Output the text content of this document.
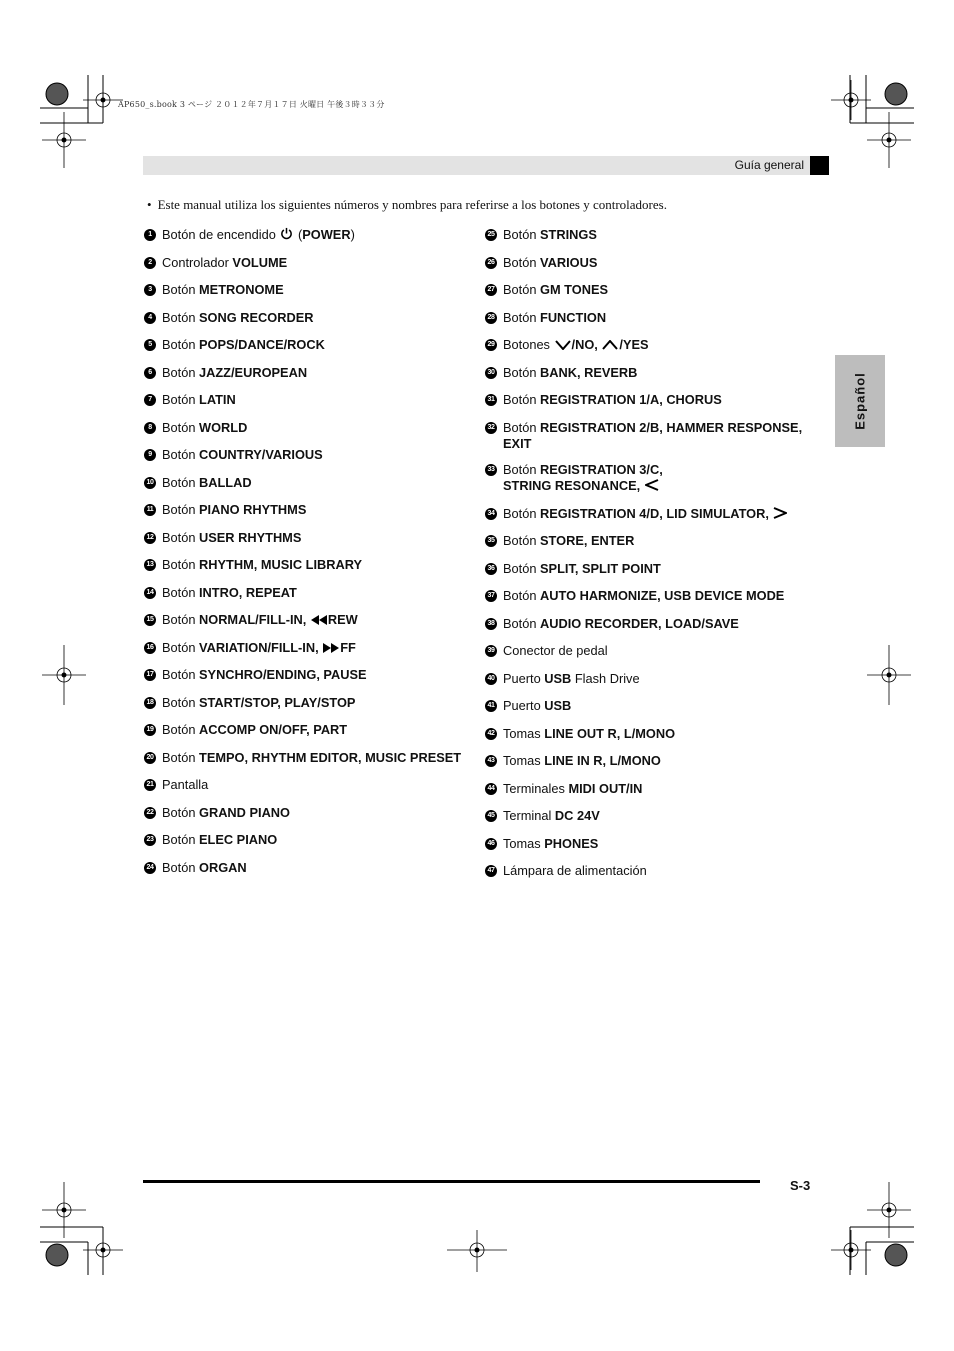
AP650_s.book 3 ページ ２０１２年７月１７日 火曜日 午後３時３３分
Guía general
Español
• Este manual utiliza los siguientes números y nombres para referirse a los botones y controladores.
1 Botón de encendido  (POWER)
2 Controlador VOLUME
3 Botón METRONOME
4 Botón SONG RECORDER
5 Botón POPS/DANCE/ROCK
6 Botón JAZZ/EUROPEAN
7 Botón LATIN
8 Botón WORLD
9 Botón COUNTRY/VARIOUS
10 Botón BALLAD
11 Botón PIANO RHYTHMS
12 Botón USER RHYTHMS
13 Botón RHYTHM, MUSIC LIBRARY
14 Botón INTRO, REPEAT
15 Botón NORMAL/FILL-IN, REW
16 Botón VARIATION/FILL-IN, FF
17 Botón SYNCHRO/ENDING, PAUSE
18 Botón START/STOP, PLAY/STOP
19 Botón ACCOMP ON/OFF, PART
20 Botón TEMPO, RHYTHM EDITOR, MUSIC PRESET
21 Pantalla
22 Botón GRAND PIANO
23 Botón ELEC PIANO
24 Botón ORGAN
25 Botón STRINGS
26 Botón VARIOUS
27 Botón GM TONES
28 Botón FUNCTION
29 Botones /NO, /YES
30 Botón BANK, REVERB
31 Botón REGISTRATION 1/A, CHORUS
32 Botón REGISTRATION 2/B, HAMMER RESPONSE, EXIT
33 Botón REGISTRATION 3/C,
STRING RESONANCE,
34 Botón REGISTRATION 4/D, LID SIMULATOR,
35 Botón STORE, ENTER
36 Botón SPLIT, SPLIT POINT
37 Botón AUTO HARMONIZE, USB DEVICE MODE
38 Botón AUDIO RECORDER, LOAD/SAVE
39 Conector de pedal
40 Puerto USB Flash Drive
41 Puerto USB
42 Tomas LINE OUT R, L/MONO
43 Tomas LINE IN R, L/MONO
44 Terminales MIDI OUT/IN
45 Terminal DC 24V
46 Tomas PHONES
47 Lámpara de alimentación
S-3
